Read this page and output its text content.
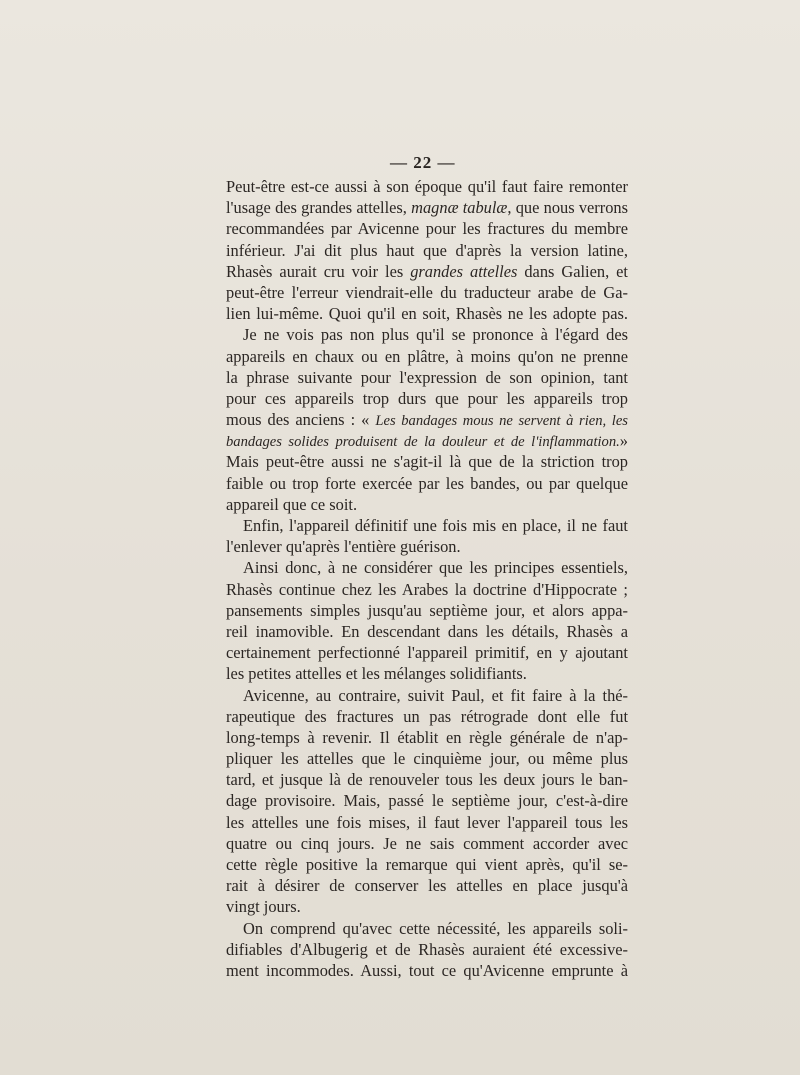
— 22 —
Peut-être est-ce aussi à son époque qu'il faut faire remonter
l'usage des grandes attelles, magnæ tabulæ, que nous verrons
recommandées par Avicenne pour les fractures du membre
inférieur. J'ai dit plus haut que d'après la version latine,
Rhasès aurait cru voir les grandes attelles dans Galien, et
peut-être l'erreur viendrait-elle du traducteur arabe de Ga-
lien lui-même. Quoi qu'il en soit, Rhasès ne les adopte pas.
Je ne vois pas non plus qu'il se prononce à l'égard des
appareils en chaux ou en plâtre, à moins qu'on ne prenne
la phrase suivante pour l'expression de son opinion, tant
pour ces appareils trop durs que pour les appareils trop
mous des anciens : « Les bandages mous ne servent à rien, les
bandages solides produisent de la douleur et de l'inflammation.»
Mais peut-être aussi ne s'agit-il là que de la striction trop
faible ou trop forte exercée par les bandes, ou par quelque
appareil que ce soit.
Enfin, l'appareil définitif une fois mis en place, il ne faut
l'enlever qu'après l'entière guérison.
Ainsi donc, à ne considérer que les principes essentiels,
Rhasès continue chez les Arabes la doctrine d'Hippocrate ;
pansements simples jusqu'au septième jour, et alors appa-
reil inamovible. En descendant dans les détails, Rhasès a
certainement perfectionné l'appareil primitif, en y ajoutant
les petites attelles et les mélanges solidifiants.
Avicenne, au contraire, suivit Paul, et fit faire à la thé-
rapeutique des fractures un pas rétrograde dont elle fut
long-temps à revenir. Il établit en règle générale de n'ap-
pliquer les attelles que le cinquième jour, ou même plus
tard, et jusque là de renouveler tous les deux jours le ban-
dage provisoire. Mais, passé le septième jour, c'est-à-dire
les attelles une fois mises, il faut lever l'appareil tous les
quatre ou cinq jours. Je ne sais comment accorder avec
cette règle positive la remarque qui vient après, qu'il se-
rait à désirer de conserver les attelles en place jusqu'à
vingt jours.
On comprend qu'avec cette nécessité, les appareils soli-
difiables d'Albugerig et de Rhasès auraient été excessive-
ment incommodes. Aussi, tout ce qu'Avicenne emprunte à
